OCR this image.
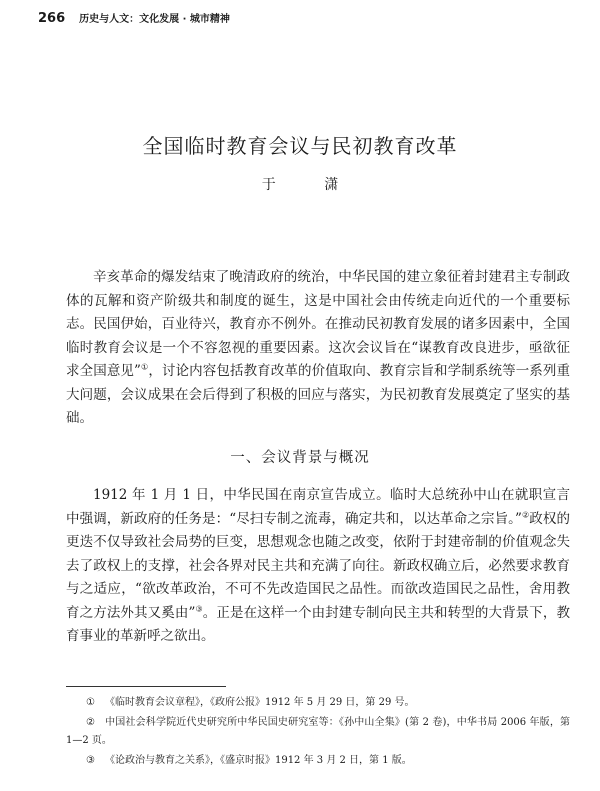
266 历史与人文：文化发展 · 城市精神
全国临时教育会议与民初教育改革
于 潇

辛亥革命的爆发结束了晚清政府的统治，中华民国的建立象征着封建君主专制政体的瓦解和资产阶级共和制度的诞生，这是中国社会由传统走向近代的一个重要标志。民国伊始，百业待兴，教育亦不例外。在推动民初教育发展的诸多因素中，全国临时教育会议是一个不容忽视的重要因素。这次会议旨在“谋教育改良进步，亟欲征求全国意见”①，讨论内容包括教育改革的价值取向、教育宗旨和学制系统等一系列重大问题，会议成果在会后得到了积极的回应与落实，为民初教育发展奠定了坚实的基础。

一、会议背景与概况

1912 年 1 月 1 日，中华民国在南京宣告成立。临时大总统孙中山在就职宣言中强调，新政府的任务是：“尽扫专制之流毒，确定共和，以达革命之宗旨。”②政权的更迭不仅导致社会局势的巨变，思想观念也随之改变，依附于封建帝制的价值观念失去了政权上的支撑，社会各界对民主共和充满了向往。新政权确立后，必然要求教育与之适应，“欲改革政治，不可不先改造国民之品性。而欲改造国民之品性，舍用教育之方法外其又奚由”③。正是在这样一个由封建专制向民主共和转型的大背景下，教育事业的革新呼之欲出。

① 《临时教育会议章程》，《政府公报》1912 年 5 月 29 日，第 29 号。

② 中国社会科学院近代史研究所中华民国史研究室等：《孙中山全集》(第 2 卷)，中华书局 2006 年版，第 1—2 页。

③ 《论政治与教育之关系》，《盛京时报》1912 年 3 月 2 日，第 1 版。
